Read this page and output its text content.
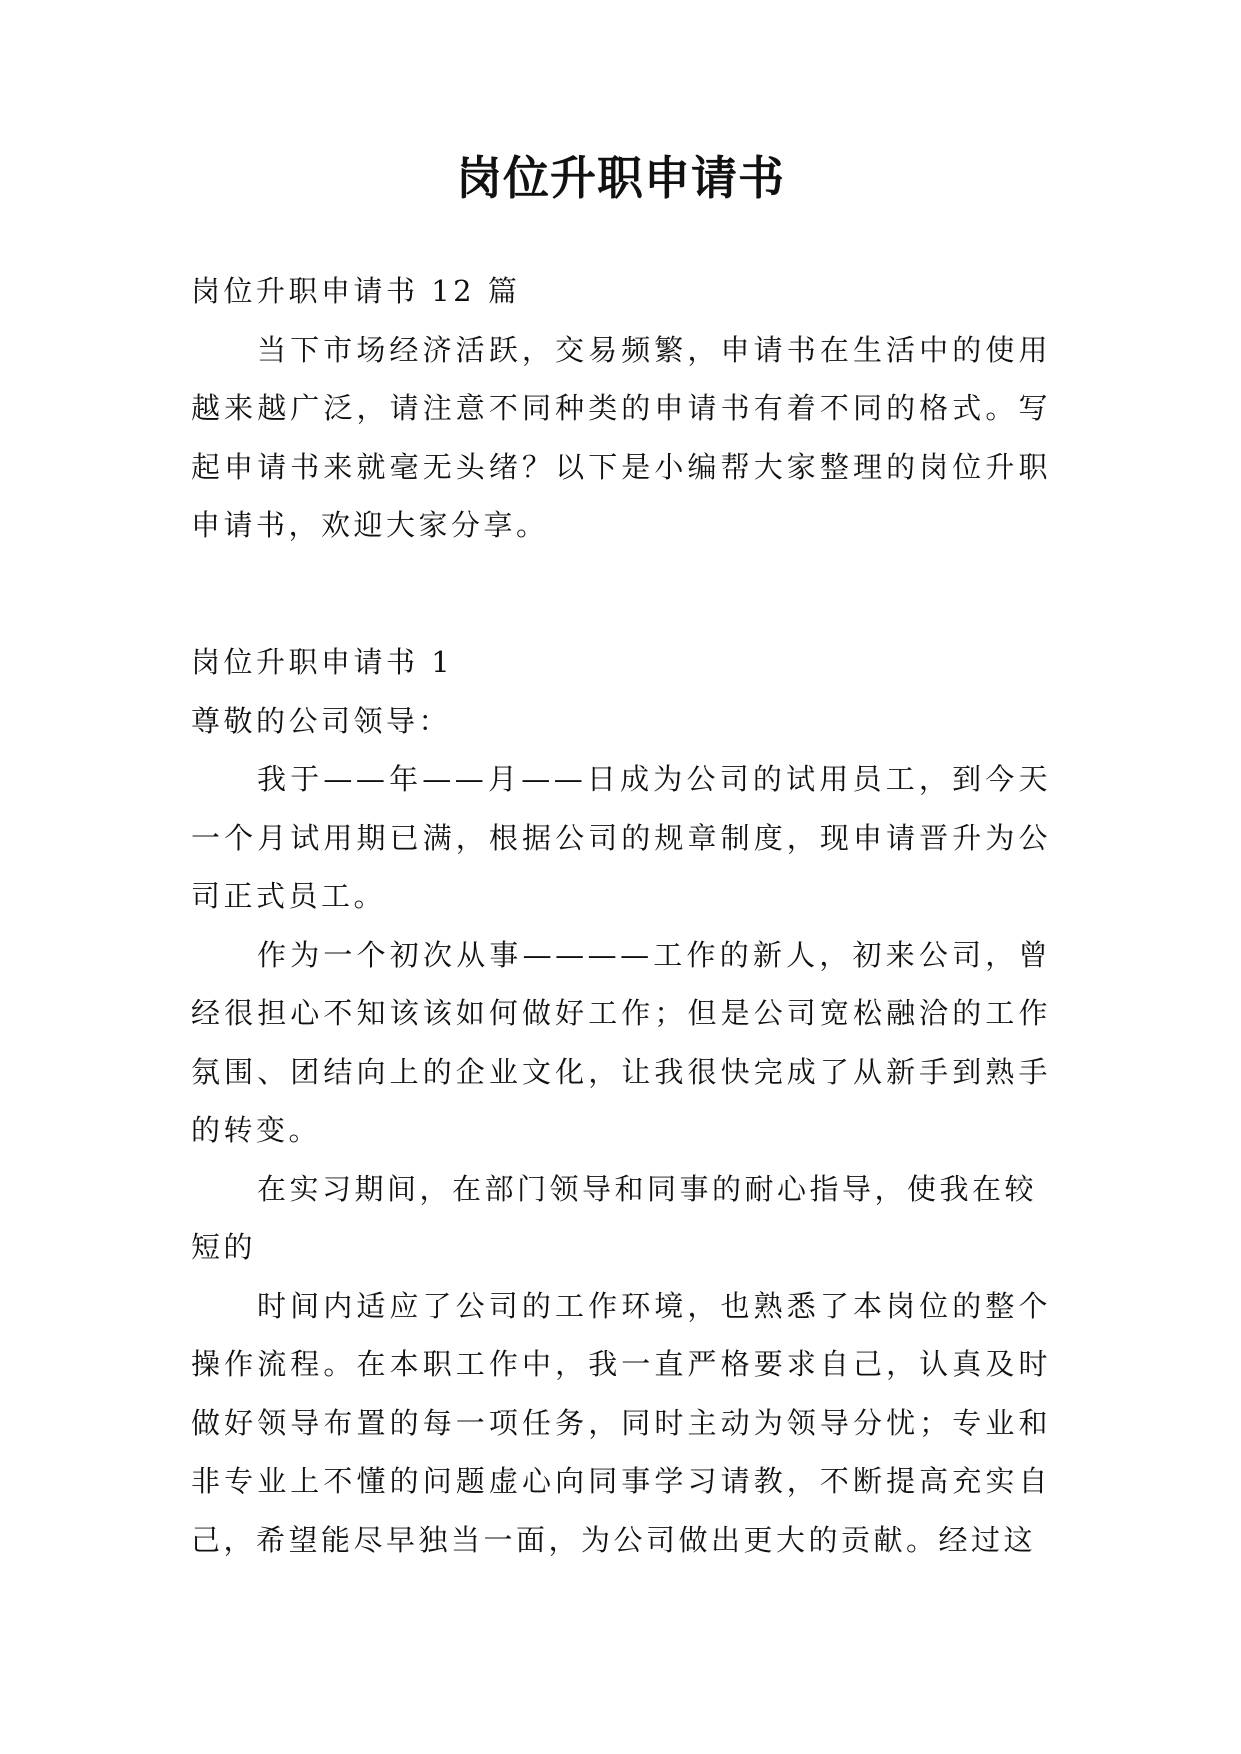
岗位升职申请书

岗位升职申请书 12 篇

当下市场经济活跃，交易频繁，申请书在生活中的使用越来越广泛，请注意不同种类的申请书有着不同的格式。写起申请书来就毫无头绪？以下是小编帮大家整理的岗位升职申请书，欢迎大家分享。

岗位升职申请书 1

尊敬的公司领导：

我于——年——月——日成为公司的试用员工，到今天一个月试用期已满，根据公司的规章制度，现申请晋升为公司正式员工。

作为一个初次从事————工作的新人，初来公司，曾经很担心不知该该如何做好工作；但是公司宽松融洽的工作氛围、团结向上的企业文化，让我很快完成了从新手到熟手的转变。

在实习期间，在部门领导和同事的耐心指导，使我在较

短的

时间内适应了公司的工作环境，也熟悉了本岗位的整个操作流程。在本职工作中，我一直严格要求自己，认真及时做好领导布置的每一项任务，同时主动为领导分忧；专业和非专业上不懂的问题虚心向同事学习请教，不断提高充实自己，希望能尽早独当一面，为公司做出更大的贡献。经过这
